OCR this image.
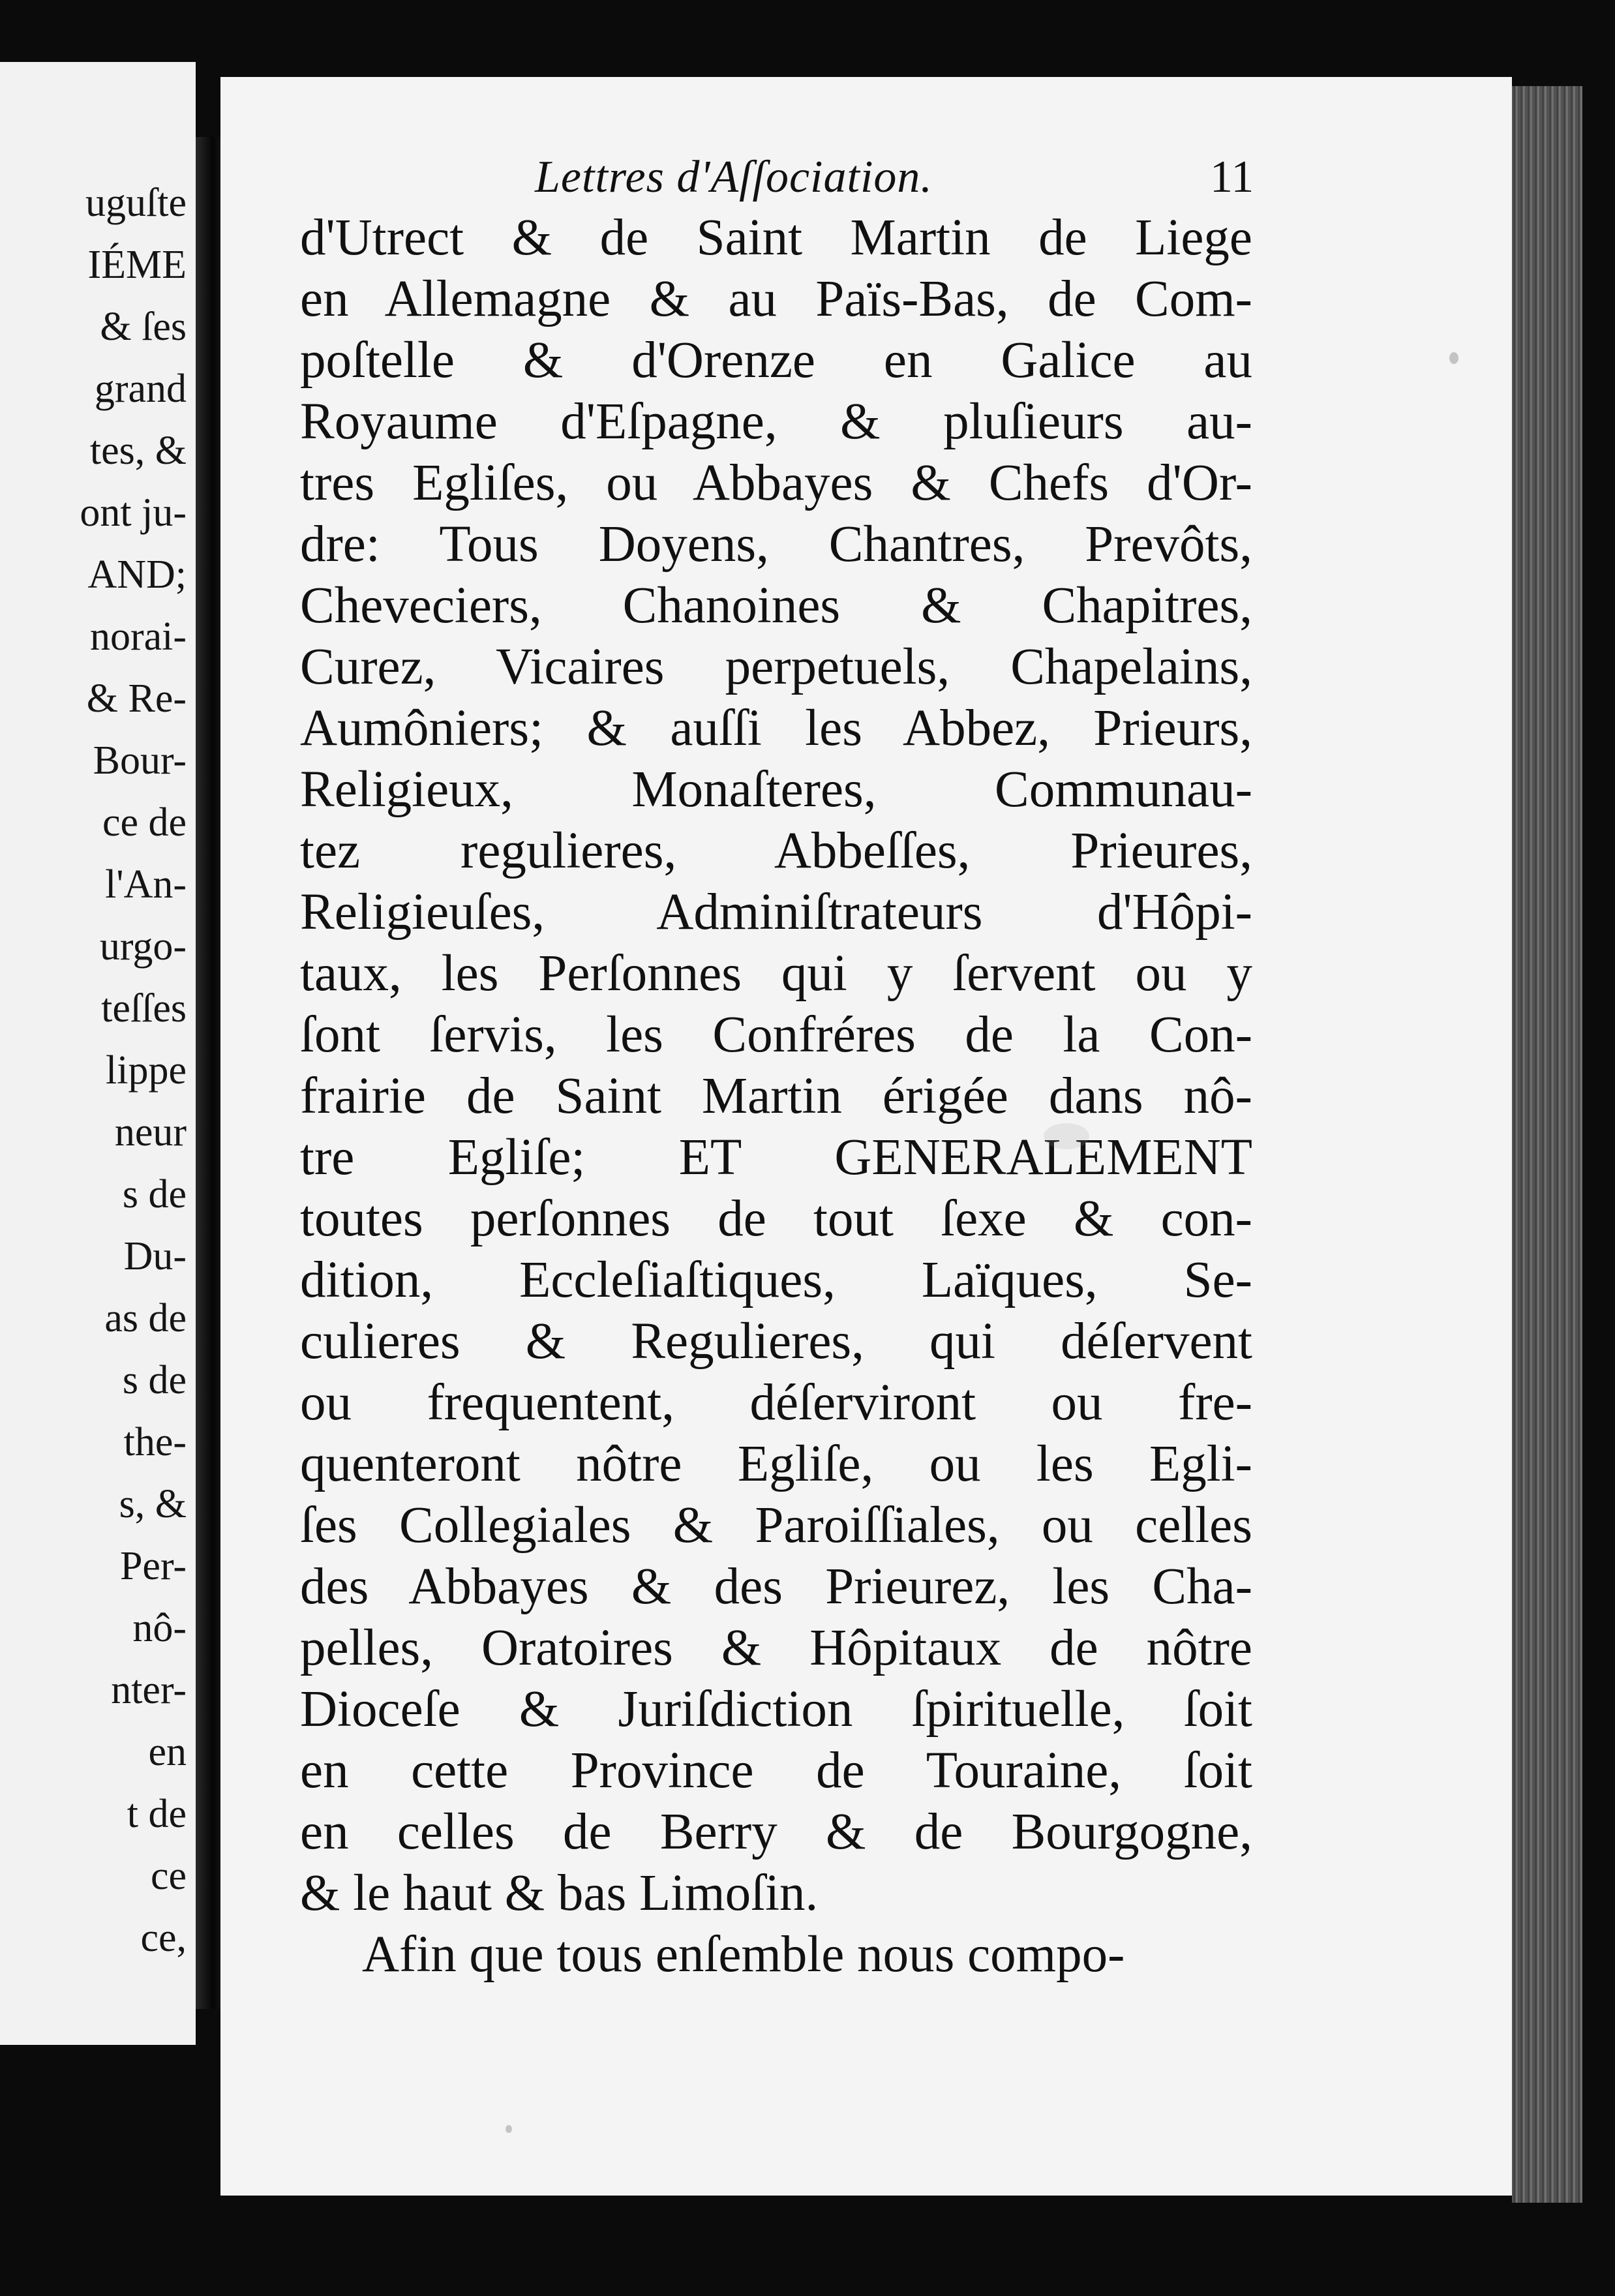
uguſte
IÉME
& ſes
grand
tes, &
ont ju-
AND;
norai-
& Re-
Bour-
ce de
l'An-
urgo-
teſſes
lippe
neur
s de
Du-
as de
s de
the-
s, &
Per-
nô-
nter-
en
t de
ce
ce,
Lettres d'Aſſociation.	11
d'Utrect & de Saint Martin de Liege
en Allemagne & au Païs-Bas, de Com-
poſtelle & d'Orenze en Galice au
Royaume d'Eſpagne, & pluſieurs au-
tres Egliſes, ou Abbayes & Chefs d'Or-
dre: Tous Doyens, Chantres, Prevôts,
Cheveciers, Chanoines & Chapitres,
Curez, Vicaires perpetuels, Chapelains,
Aumôniers; & auſſi les Abbez, Prieurs,
Religieux, Monaſteres, Communau-
tez regulieres, Abbeſſes, Prieures,
Religieuſes, Adminiſtrateurs d'Hôpi-
taux, les Perſonnes qui y ſervent ou y
ſont ſervis, les Confréres de la Con-
frairie de Saint Martin érigée dans nô-
tre Egliſe; ET GENERALEMENT
toutes perſonnes de tout ſexe & con-
dition, Eccleſiaſtiques, Laïques, Se-
culieres & Regulieres, qui déſervent
ou frequentent, déſerviront ou fre-
quenteront nôtre Egliſe, ou les Egli-
ſes Collegiales & Paroiſſiales, ou celles
des Abbayes & des Prieurez, les Cha-
pelles, Oratoires & Hôpitaux de nôtre
Dioceſe & Juriſdiction ſpirituelle, ſoit
en cette Province de Touraine, ſoit
en celles de Berry & de Bourgogne,
& le haut & bas Limoſin.
Afin que tous enſemble nous compo-
